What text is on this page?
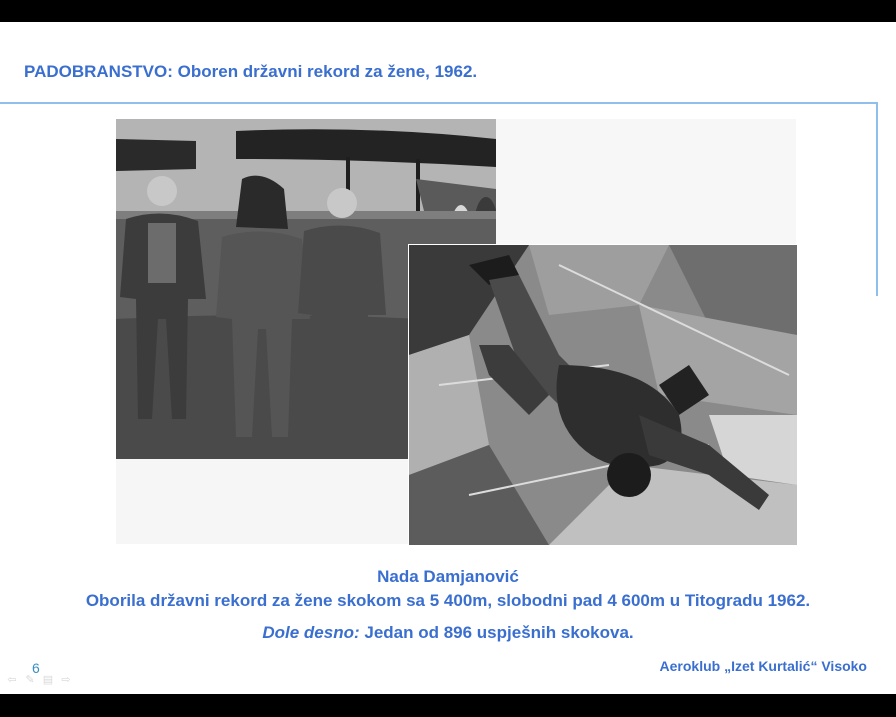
PADOBRANSTVO: Oboren državni rekord za žene, 1962.
Nada Damjanović
Oborila državni rekord za žene skokom sa 5 400m, slobodni pad 4 600m u Titogradu 1962.
Dole desno: Jedan od 896 uspješnih skokova.
6	Aeroklub „Izet Kurtalić“ Visoko
⇦ ✎ ▤ ⇨
